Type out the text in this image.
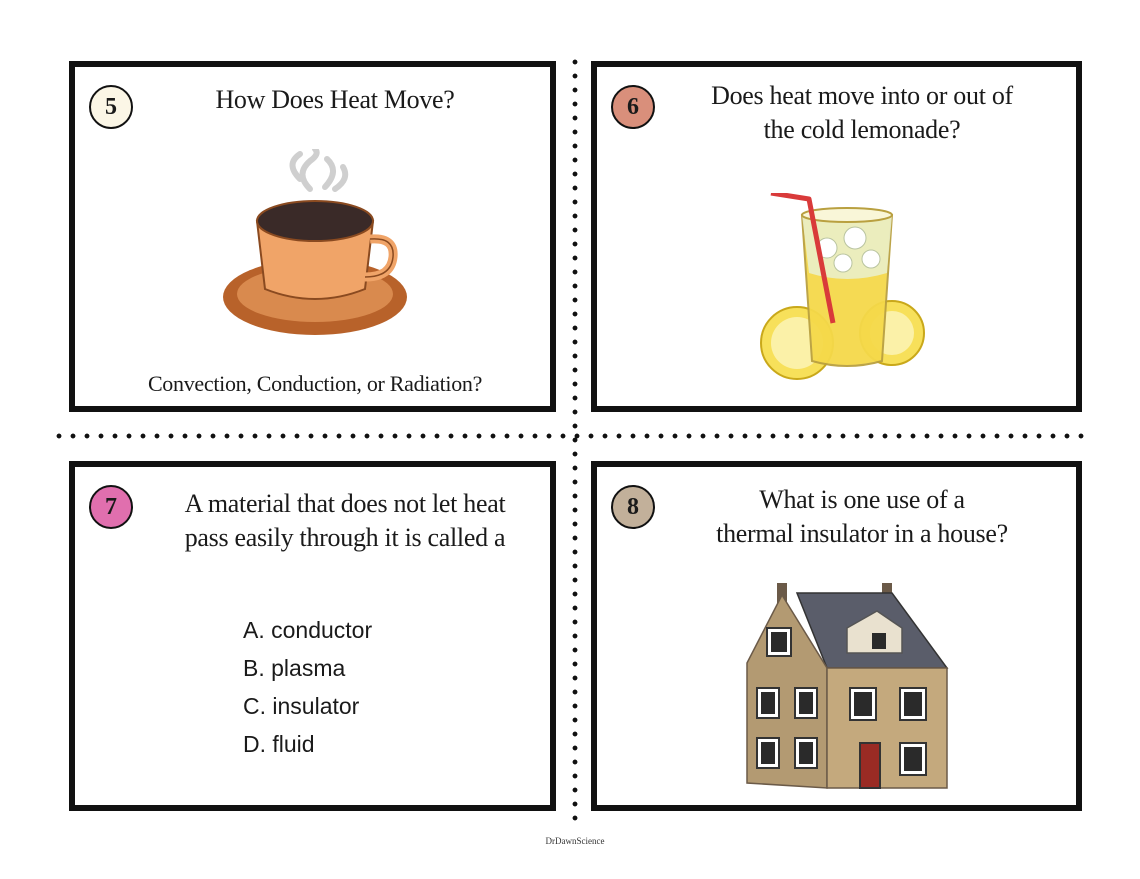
5	How Does Heat Move?
Convection, Conduction, or Radiation?
6	Does heat move into or out of
the cold lemonade?
7	A material that does not let heat
pass easily through it is called a
A. conductor
B. plasma
C. insulator
D. fluid
8	What is one use of a
thermal insulator in a house?
DrDawnScience
